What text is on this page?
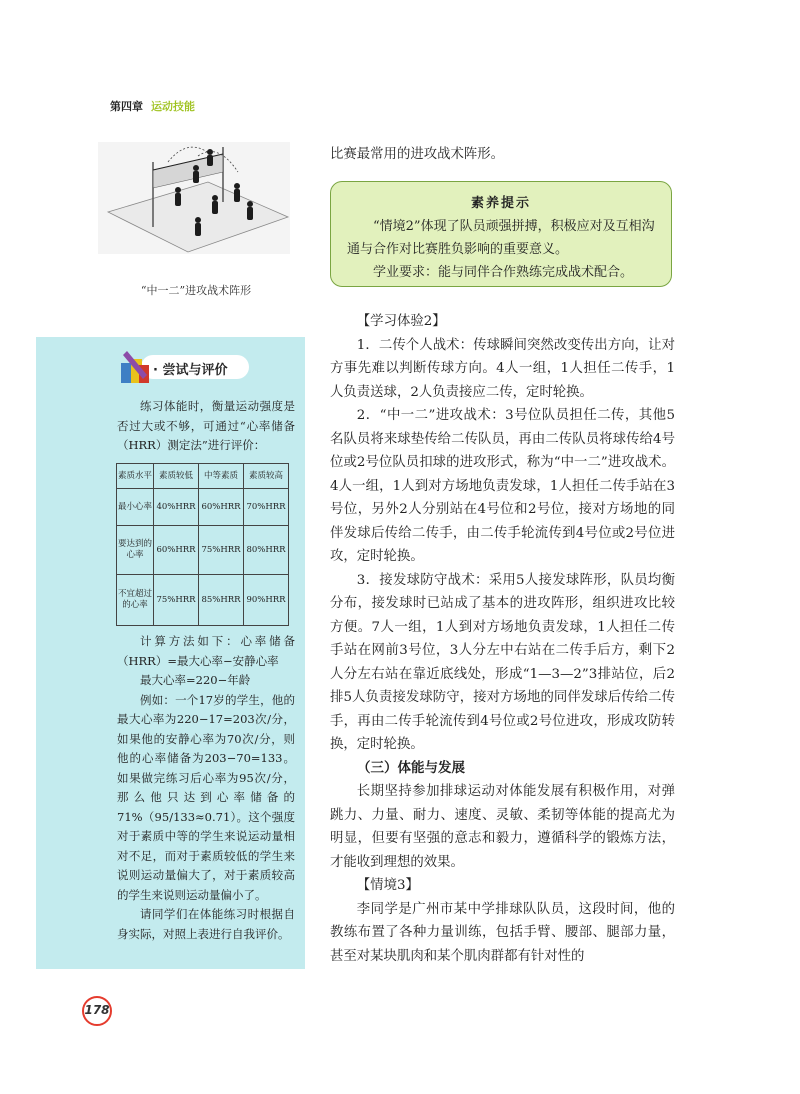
第四章 运动技能
“中一二”进攻战术阵形

比赛最常用的进攻战术阵形。

素养提示

“情境2”体现了队员顽强拼搏，积极应对及互相沟通与合作对比赛胜负影响的重要意义。

学业要求：能与同伴合作熟练完成战术配合。

【学习体验2】

1．二传个人战术：传球瞬间突然改变传出方向，让对方事先难以判断传球方向。4人一组，1人担任二传手，1人负责送球，2人负责接应二传，定时轮换。

2．“中一二”进攻战术：3号位队员担任二传，其他5名队员将来球垫传给二传队员，再由二传队员将球传给4号位或2号位队员扣球的进攻形式，称为“中一二”进攻战术。4人一组，1人到对方场地负责发球，1人担任二传手站在3号位，另外2人分别站在4号位和2号位，接对方场地的同伴发球后传给二传手，由二传手轮流传到4号位或2号位进攻，定时轮换。

3．接发球防守战术：采用5人接发球阵形，队员均衡分布，接发球时已站成了基本的进攻阵形，组织进攻比较方便。7人一组，1人到对方场地负责发球，1人担任二传手站在网前3号位，3人分左中右站在二传手后方，剩下2人分左右站在靠近底线处，形成“1—3—2”3排站位，后2排5人负责接发球防守，接对方场地的同伴发球后传给二传手，再由二传手轮流传到4号位或2号位进攻，形成攻防转换，定时轮换。

（三）体能与发展

长期坚持参加排球运动对体能发展有积极作用，对弹跳力、力量、耐力、速度、灵敏、柔韧等体能的提高尤为明显，但要有坚强的意志和毅力，遵循科学的锻炼方法，才能收到理想的效果。

【情境3】

李同学是广州市某中学排球队队员，这段时间，他的教练布置了各种力量训练，包括手臂、腰部、腿部力量，甚至对某块肌肉和某个肌肉群都有针对性的

· 尝试与评价

练习体能时，衡量运动强度是否过大或不够，可通过“心率储备（HRR）测定法”进行评价：

素质水平	素质较低	中等素质	素质较高
最小心率	40%HRR	60%HRR	70%HRR
要达到的心率	60%HRR	75%HRR	80%HRR
不宜超过的心率	75%HRR	85%HRR	90%HRR

计算方法如下：心率储备（HRR）=最大心率−安静心率

最大心率=220−年龄

例如：一个17岁的学生，他的最大心率为220−17=203次/分，如果他的安静心率为70次/分，则他的心率储备为203−70=133。如果做完练习后心率为95次/分，那么他只达到心率储备的71%（95/133≈0.71）。这个强度对于素质中等的学生来说运动量相对不足，而对于素质较低的学生来说则运动量偏大了，对于素质较高的学生来说则运动量偏小了。

请同学们在体能练习时根据自身实际，对照上表进行自我评价。

178
